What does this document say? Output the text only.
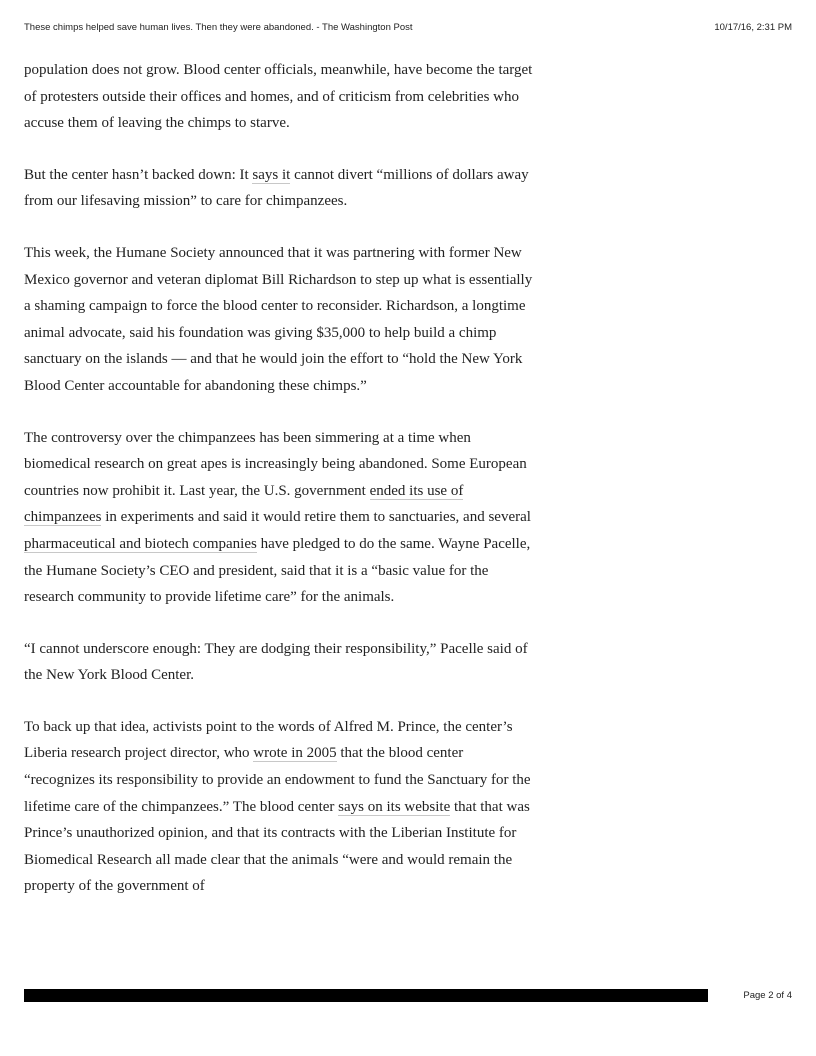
These chimps helped save human lives. Then they were abandoned. - The Washington Post	10/17/16, 2:31 PM

population does not grow. Blood center officials, meanwhile, have become the target of protesters outside their offices and homes, and of criticism from celebrities who accuse them of leaving the chimps to starve.

But the center hasn’t backed down: It says it cannot divert “millions of dollars away from our lifesaving mission” to care for chimpanzees.

This week, the Humane Society announced that it was partnering with former New Mexico governor and veteran diplomat Bill Richardson to step up what is essentially a shaming campaign to force the blood center to reconsider. Richardson, a longtime animal advocate, said his foundation was giving $35,000 to help build a chimp sanctuary on the islands — and that he would join the effort to “hold the New York Blood Center accountable for abandoning these chimps.”

The controversy over the chimpanzees has been simmering at a time when biomedical research on great apes is increasingly being abandoned. Some European countries now prohibit it. Last year, the U.S. government ended its use of chimpanzees in experiments and said it would retire them to sanctuaries, and several pharmaceutical and biotech companies have pledged to do the same. Wayne Pacelle, the Humane Society’s CEO and president, said that it is a “basic value for the research community to provide lifetime care” for the animals.

“I cannot underscore enough: They are dodging their responsibility,” Pacelle said of the New York Blood Center.

To back up that idea, activists point to the words of Alfred M. Prince, the center’s Liberia research project director, who wrote in 2005 that the blood center “recognizes its responsibility to provide an endowment to fund the Sanctuary for the lifetime care of the chimpanzees.” The blood center says on its website that that was Prince’s unauthorized opinion, and that its contracts with the Liberian Institute for Biomedical Research all made clear that the animals “were and would remain the property of the government of

Page 2 of 4
